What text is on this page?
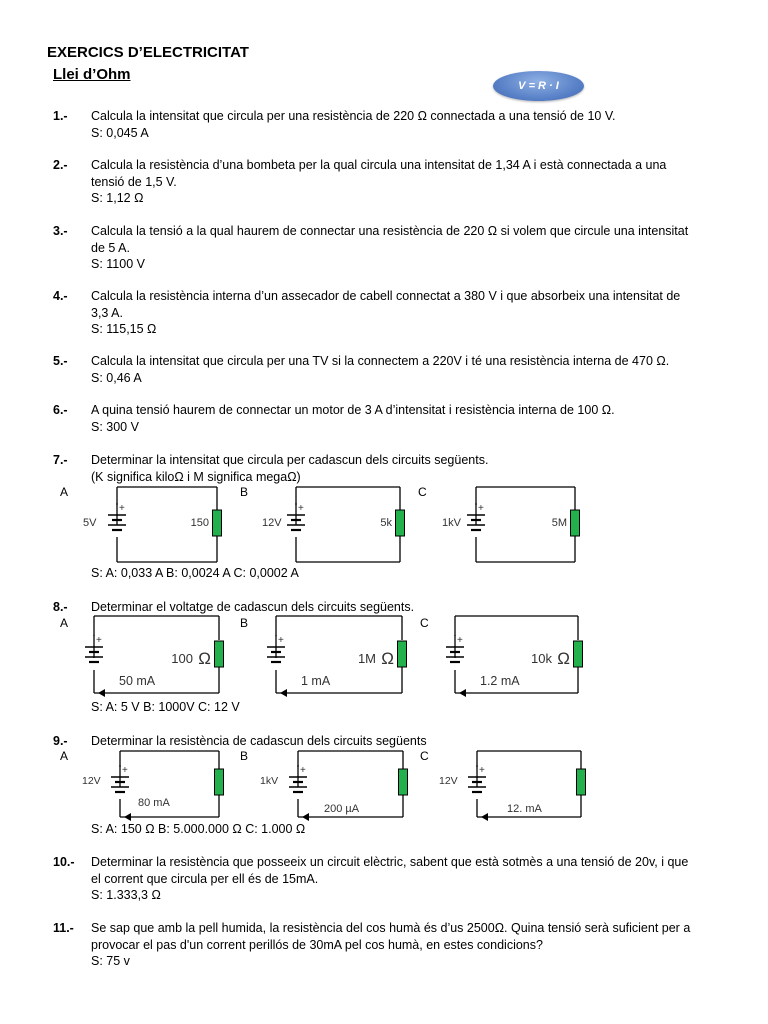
EXERCICS D’ELECTRICITAT
Llei d’Ohm
V = R · I
1.- Calcula la intensitat que circula per una resistència de 220 Ω connectada a una tensió de 10 V.
S: 0,045 A
2.- Calcula la resistència d’una bombeta per la qual circula una intensitat de 1,34 A i està connectada a una
tensió de 1,5 V.
S: 1,12 Ω
3.- Calcula la tensió a la qual haurem de connectar una resistència de 220 Ω si volem que circule una intensitat
de 5 A.
S: 1100 V
4.- Calcula la resistència interna d’un assecador de cabell connectat a 380 V i que absorbeix una intensitat de
3,3 A.
S: 115,15 Ω
5.- Calcula la intensitat que circula per una TV si la connectem a 220V i té una resistència interna de 470 Ω.
S: 0,46 A
6.- A quina tensió haurem de connectar un motor de 3 A d’intensitat i resistència interna de 100 Ω.
S: 300 V
7.- Determinar la intensitat que circula per cadascun dels circuits següents.
(K significa kiloΩ i M significa megaΩ)
8.- Determinar el voltatge de cadascun dels circuits següents.
9.- Determinar la resistència de cadascun dels circuits següents
10.- Determinar la resistència que posseeix un circuit elèctric, sabent que està sotmès a una tensió de 20v, i que
el corrent que circula per ell és de 15mA.
S: 1.333,3 Ω
11.- Se sap que amb la pell humida, la resistència del cos humà és d’us 2500Ω. Quina tensió serà suficient per a
provocar el pas d'un corrent perillós de 30mA pel cos humà, en estes condicions?
S: 75 v
A	B	C
A	B	C
A	B	C
+
5V	150
+
12V	5k
+
1kV	5M
+
100 Ω
50 mA
+
1M Ω
1 mA
+
10k Ω
1.2 mA
+
12V
80 mA
+
1kV
200 µA
+
12V
12. mA
S: A: 0,033 A B: 0,0024 A C: 0,0002 A
S: A: 5 V B: 1000V C: 12 V
S: A: 150 Ω B: 5.000.000 Ω C: 1.000 Ω
